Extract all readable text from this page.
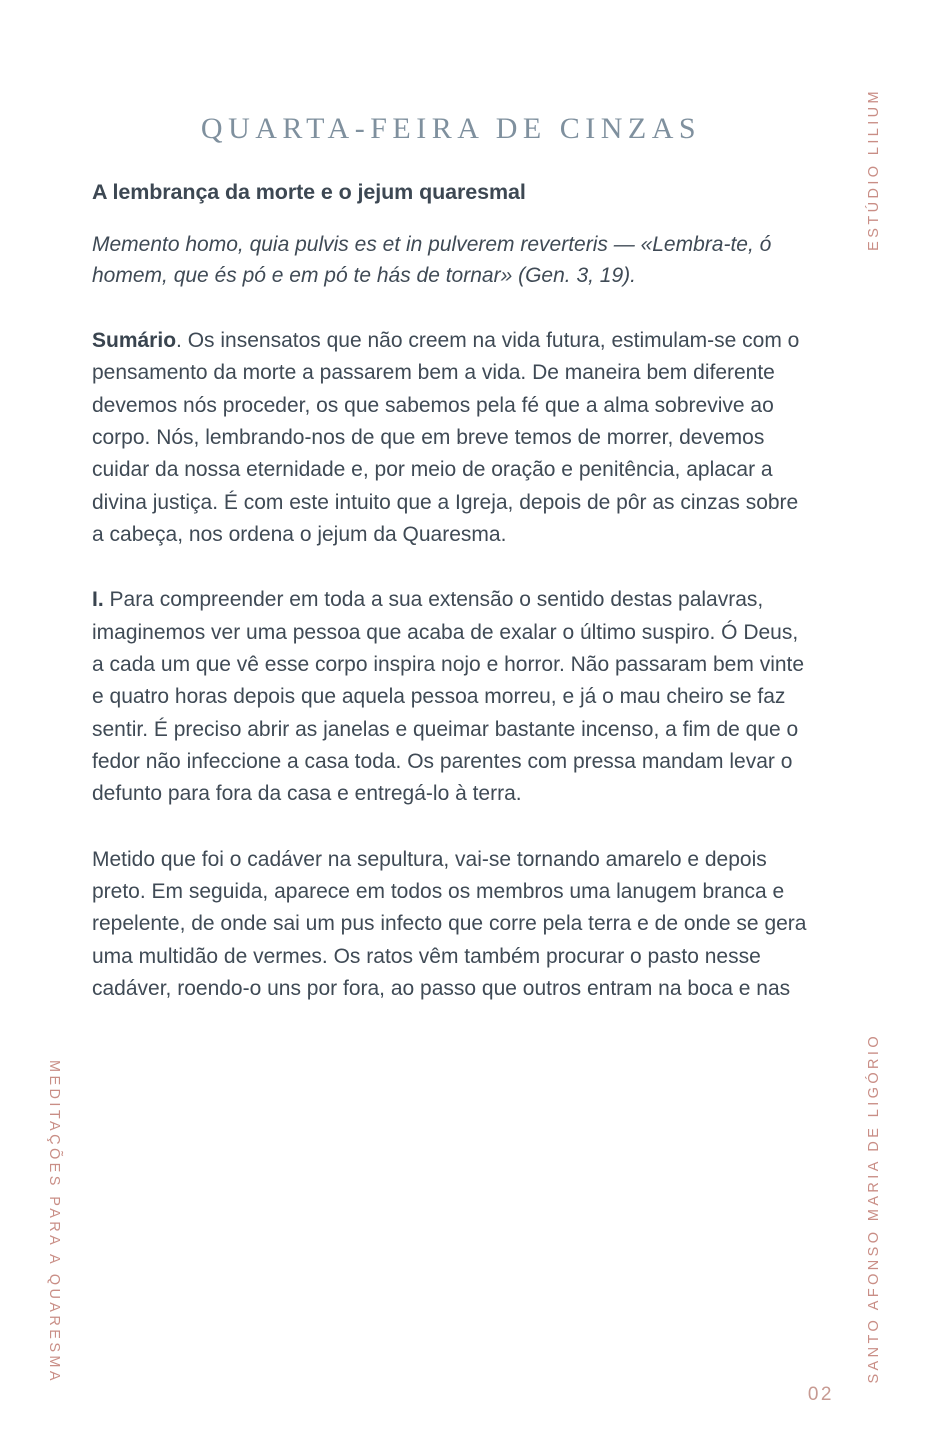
ESTÚDIO LILIUM
SANTO AFONSO MARIA DE LIGÓRIO
MEDITAÇÕES PARA A QUARESMA
QUARTA-FEIRA DE CINZAS
A lembrança da morte e o jejum quaresmal

Memento homo, quia pulvis es et in pulverem reverteris — «Lembra-te, ó homem, que és pó e em pó te hás de tornar» (Gen. 3, 19).

Sumário. Os insensatos que não creem na vida futura, estimulam-se com o pensamento da morte a passarem bem a vida. De maneira bem diferente devemos nós proceder, os que sabemos pela fé que a alma sobrevive ao corpo. Nós, lembrando-nos de que em breve temos de morrer, devemos cuidar da nossa eternidade e, por meio de oração e penitência, aplacar a divina justiça. É com este intuito que a Igreja, depois de pôr as cinzas sobre a cabeça, nos ordena o jejum da Quaresma.

I. Para compreender em toda a sua extensão o sentido destas palavras, imaginemos ver uma pessoa que acaba de exalar o último suspiro. Ó Deus, a cada um que vê esse corpo inspira nojo e horror. Não passaram bem vinte e quatro horas depois que aquela pessoa morreu, e já o mau cheiro se faz sentir. É preciso abrir as janelas e queimar bastante incenso, a fim de que o fedor não infeccione a casa toda. Os parentes com pressa mandam levar o defunto para fora da casa e entregá-lo à terra.

Metido que foi o cadáver na sepultura, vai-se tornando amarelo e depois preto. Em seguida, aparece em todos os membros uma lanugem branca e repelente, de onde sai um pus infecto que corre pela terra e de onde se gera uma multidão de vermes. Os ratos vêm também procurar o pasto nesse cadáver, roendo-o uns por fora, ao passo que outros entram na boca e nas

02
